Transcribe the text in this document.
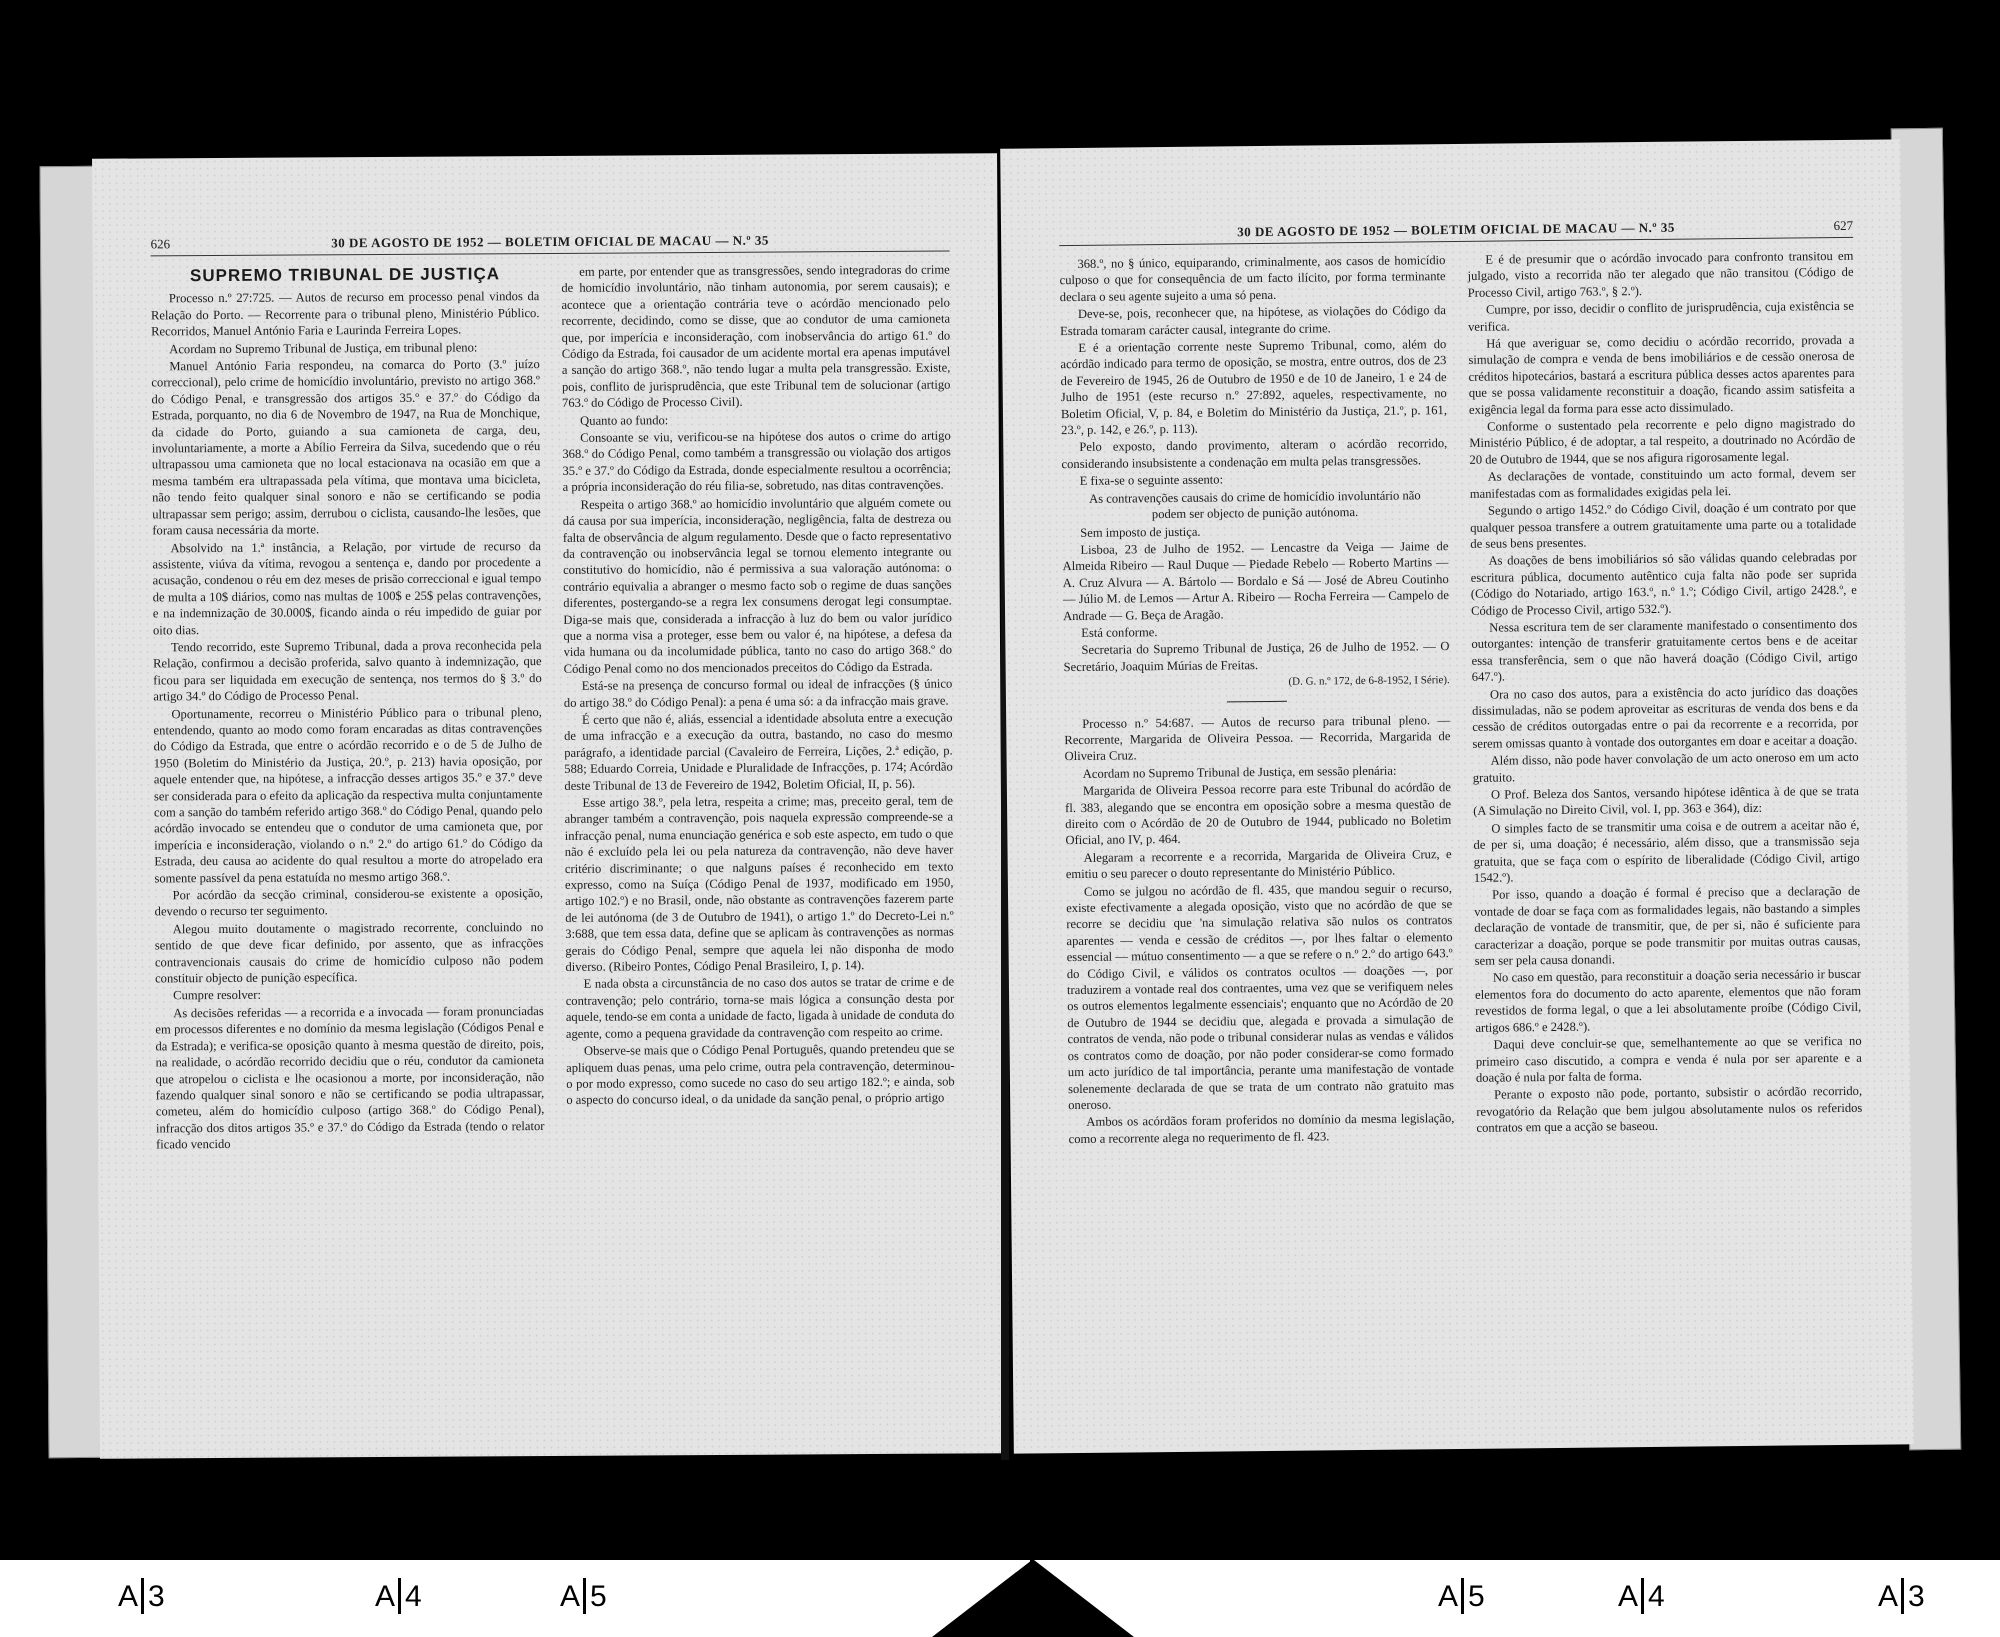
626	30 DE AGOSTO DE 1952 — BOLETIM OFICIAL DE MACAU — N.º 35

SUPREMO TRIBUNAL DE JUSTIÇA

Processo n.º 27:725. — Autos de recurso em processo penal vindos da Relação do Porto. — Recorrente para o tribunal pleno, Ministério Público. Recorridos, Manuel António Faria e Laurinda Ferreira Lopes.

Acordam no Supremo Tribunal de Justiça, em tribunal pleno:

Manuel António Faria respondeu, na comarca do Porto (3.º juízo correccional), pelo crime de homicídio involuntário, previsto no artigo 368.º do Código Penal, e transgressão dos artigos 35.º e 37.º do Código da Estrada, porquanto, no dia 6 de Novembro de 1947, na Rua de Monchique, da cidade do Porto, guiando a sua camioneta de carga, deu, involuntariamente, a morte a Abílio Ferreira da Silva, sucedendo que o réu ultrapassou uma camioneta que no local estacionava na ocasião em que a mesma também era ultrapassada pela vítima, que montava uma bicicleta, não tendo feito qualquer sinal sonoro e não se certificando se podia ultrapassar sem perigo; assim, derrubou o ciclista, causando-lhe lesões, que foram causa necessária da morte.

Absolvido na 1.ª instância, a Relação, por virtude de recurso da assistente, viúva da vítima, revogou a sentença e, dando por procedente a acusação, condenou o réu em dez meses de prisão correccional e igual tempo de multa a 10$ diários, como nas multas de 100$ e 25$ pelas contravenções, e na indemnização de 30.000$, ficando ainda o réu impedido de guiar por oito dias.

Tendo recorrido, este Supremo Tribunal, dada a prova reconhecida pela Relação, confirmou a decisão proferida, salvo quanto à indemnização, que ficou para ser liquidada em execução de sentença, nos termos do § 3.º do artigo 34.º do Código de Processo Penal.

Oportunamente, recorreu o Ministério Público para o tribunal pleno, entendendo, quanto ao modo como foram encaradas as ditas contravenções do Código da Estrada, que entre o acórdão recorrido e o de 5 de Julho de 1950 (Boletim do Ministério da Justiça, 20.º, p. 213) havia oposição, por aquele entender que, na hipótese, a infracção desses artigos 35.º e 37.º deve ser considerada para o efeito da aplicação da respectiva multa conjuntamente com a sanção do também referido artigo 368.º do Código Penal, quando pelo acórdão invocado se entendeu que o condutor de uma camioneta que, por imperícia e inconsideração, violando o n.º 2.º do artigo 61.º do Código da Estrada, deu causa ao acidente do qual resultou a morte do atropelado era somente passível da pena estatuída no mesmo artigo 368.º.

Por acórdão da secção criminal, considerou-se existente a oposição, devendo o recurso ter seguimento.

Alegou muito doutamente o magistrado recorrente, concluindo no sentido de que deve ficar definido, por assento, que as infracções contravencionais causais do crime de homicídio culposo não podem constituir objecto de punição específica.

Cumpre resolver:

As decisões referidas — a recorrida e a invocada — foram pronunciadas em processos diferentes e no domínio da mesma legislação (Códigos Penal e da Estrada); e verifica-se oposição quanto à mesma questão de direito, pois, na realidade, o acórdão recorrido decidiu que o réu, condutor da camioneta que atropelou o ciclista e lhe ocasionou a morte, por inconsideração, não fazendo qualquer sinal sonoro e não se certificando se podia ultrapassar, cometeu, além do homicídio culposo (artigo 368.º do Código Penal), infracção dos ditos artigos 35.º e 37.º do Código da Estrada (tendo o relator ficado vencido

em parte, por entender que as transgressões, sendo integradoras do crime de homicídio involuntário, não tinham autonomia, por serem causais); e acontece que a orientação contrária teve o acórdão mencionado pelo recorrente, decidindo, como se disse, que ao condutor de uma camioneta que, por imperícia e inconsideração, com inobservância do artigo 61.º do Código da Estrada, foi causador de um acidente mortal era apenas imputável a sanção do artigo 368.º, não tendo lugar a multa pela transgressão. Existe, pois, conflito de jurisprudência, que este Tribunal tem de solucionar (artigo 763.º do Código de Processo Civil).

Quanto ao fundo:

Consoante se viu, verificou-se na hipótese dos autos o crime do artigo 368.º do Código Penal, como também a transgressão ou violação dos artigos 35.º e 37.º do Código da Estrada, donde especialmente resultou a ocorrência; a própria inconsideração do réu filia-se, sobretudo, nas ditas contravenções.

Respeita o artigo 368.º ao homicídio involuntário que alguém comete ou dá causa por sua imperícia, inconsideração, negligência, falta de destreza ou falta de observância de algum regulamento. Desde que o facto representativo da contravenção ou inobservância legal se tornou elemento integrante ou constitutivo do homicídio, não é permissiva a sua valoração autónoma: o contrário equivalia a abranger o mesmo facto sob o regime de duas sanções diferentes, postergando-se a regra lex consumens derogat legi consumptae. Diga-se mais que, considerada a infracção à luz do bem ou valor jurídico que a norma visa a proteger, esse bem ou valor é, na hipótese, a defesa da vida humana ou da incolumidade pública, tanto no caso do artigo 368.º do Código Penal como no dos mencionados preceitos do Código da Estrada.

Está-se na presença de concurso formal ou ideal de infracções (§ único do artigo 38.º do Código Penal): a pena é uma só: a da infracção mais grave.

É certo que não é, aliás, essencial a identidade absoluta entre a execução de uma infracção e a execução da outra, bastando, no caso do mesmo parágrafo, a identidade parcial (Cavaleiro de Ferreira, Lições, 2.ª edição, p. 588; Eduardo Correia, Unidade e Pluralidade de Infracções, p. 174; Acórdão deste Tribunal de 13 de Fevereiro de 1942, Boletim Oficial, II, p. 56).

Esse artigo 38.º, pela letra, respeita a crime; mas, preceito geral, tem de abranger também a contravenção, pois naquela expressão compreende-se a infracção penal, numa enunciação genérica e sob este aspecto, em tudo o que não é excluído pela lei ou pela natureza da contravenção, não deve haver critério discriminante; o que nalguns países é reconhecido em texto expresso, como na Suíça (Código Penal de 1937, modificado em 1950, artigo 102.º) e no Brasil, onde, não obstante as contravenções fazerem parte de lei autónoma (de 3 de Outubro de 1941), o artigo 1.º do Decreto-Lei n.º 3:688, que tem essa data, define que se aplicam às contravenções as normas gerais do Código Penal, sempre que aquela lei não disponha de modo diverso. (Ribeiro Pontes, Código Penal Brasileiro, I, p. 14).

E nada obsta a circunstância de no caso dos autos se tratar de crime e de contravenção; pelo contrário, torna-se mais lógica a consunção desta por aquele, tendo-se em conta a unidade de facto, ligada à unidade de conduta do agente, como a pequena gravidade da contravenção com respeito ao crime.

Observe-se mais que o Código Penal Português, quando pretendeu que se apliquem duas penas, uma pelo crime, outra pela contravenção, determinou-o por modo expresso, como sucede no caso do seu artigo 182.º; e ainda, sob o aspecto do concurso ideal, o da unidade da sanção penal, o próprio artigo

30 DE AGOSTO DE 1952 — BOLETIM OFICIAL DE MACAU — N.º 35	627

368.º, no § único, equiparando, criminalmente, aos casos de homicídio culposo o que for consequência de um facto ilícito, por forma terminante declara o seu agente sujeito a uma só pena.

Deve-se, pois, reconhecer que, na hipótese, as violações do Código da Estrada tomaram carácter causal, integrante do crime.

E é a orientação corrente neste Supremo Tribunal, como, além do acórdão indicado para termo de oposição, se mostra, entre outros, dos de 23 de Fevereiro de 1945, 26 de Outubro de 1950 e de 10 de Janeiro, 1 e 24 de Julho de 1951 (este recurso n.º 27:892, aqueles, respectivamente, no Boletim Oficial, V, p. 84, e Boletim do Ministério da Justiça, 21.º, p. 161, 23.º, p. 142, e 26.º, p. 113).

Pelo exposto, dando provimento, alteram o acórdão recorrido, considerando insubsistente a condenação em multa pelas transgressões.

E fixa-se o seguinte assento:

As contravenções causais do crime de homicídio involuntário não podem ser objecto de punição autónoma.

Sem imposto de justiça.

Lisboa, 23 de Julho de 1952. — Lencastre da Veiga — Jaime de Almeida Ribeiro — Raul Duque — Piedade Rebelo — Roberto Martins — A. Cruz Alvura — A. Bártolo — Bordalo e Sá — José de Abreu Coutinho — Júlio M. de Lemos — Artur A. Ribeiro — Rocha Ferreira — Campelo de Andrade — G. Beça de Aragão.

Está conforme.

Secretaria do Supremo Tribunal de Justiça, 26 de Julho de 1952. — O Secretário, Joaquim Múrias de Freitas.

(D. G. n.º 172, de 6-8-1952, I Série).

Processo n.º 54:687. — Autos de recurso para tribunal pleno. — Recorrente, Margarida de Oliveira Pessoa. — Recorrida, Margarida de Oliveira Cruz.

Acordam no Supremo Tribunal de Justiça, em sessão plenária:

Margarida de Oliveira Pessoa recorre para este Tribunal do acórdão de fl. 383, alegando que se encontra em oposição sobre a mesma questão de direito com o Acórdão de 20 de Outubro de 1944, publicado no Boletim Oficial, ano IV, p. 464.

Alegaram a recorrente e a recorrida, Margarida de Oliveira Cruz, e emitiu o seu parecer o douto representante do Ministério Público.

Como se julgou no acórdão de fl. 435, que mandou seguir o recurso, existe efectivamente a alegada oposição, visto que no acórdão de que se recorre se decidiu que 'na simulação relativa são nulos os contratos aparentes — venda e cessão de créditos —, por lhes faltar o elemento essencial — mútuo consentimento — a que se refere o n.º 2.º do artigo 643.º do Código Civil, e válidos os contratos ocultos — doações —, por traduzirem a vontade real dos contraentes, uma vez que se verifiquem neles os outros elementos legalmente essenciais'; enquanto que no Acórdão de 20 de Outubro de 1944 se decidiu que, alegada e provada a simulação de contratos de venda, não pode o tribunal considerar nulas as vendas e válidos os contratos como de doação, por não poder considerar-se como formado um acto jurídico de tal importância, perante uma manifestação de vontade solenemente declarada de que se trata de um contrato não gratuito mas oneroso.

Ambos os acórdãos foram proferidos no domínio da mesma legislação, como a recorrente alega no requerimento de fl. 423.

E é de presumir que o acórdão invocado para confronto transitou em julgado, visto a recorrida não ter alegado que não transitou (Código de Processo Civil, artigo 763.º, § 2.º).

Cumpre, por isso, decidir o conflito de jurisprudência, cuja existência se verifica.

Há que averiguar se, como decidiu o acórdão recorrido, provada a simulação de compra e venda de bens imobiliários e de cessão onerosa de créditos hipotecários, bastará a escritura pública desses actos aparentes para que se possa validamente reconstituir a doação, ficando assim satisfeita a exigência legal da forma para esse acto dissimulado.

Conforme o sustentado pela recorrente e pelo digno magistrado do Ministério Público, é de adoptar, a tal respeito, a doutrinado no Acórdão de 20 de Outubro de 1944, que se nos afigura rigorosamente legal.

As declarações de vontade, constituindo um acto formal, devem ser manifestadas com as formalidades exigidas pela lei.

Segundo o artigo 1452.º do Código Civil, doação é um contrato por que qualquer pessoa transfere a outrem gratuitamente uma parte ou a totalidade de seus bens presentes.

As doações de bens imobiliários só são válidas quando celebradas por escritura pública, documento autêntico cuja falta não pode ser suprida (Código do Notariado, artigo 163.º, n.º 1.º; Código Civil, artigo 2428.º, e Código de Processo Civil, artigo 532.º).

Nessa escritura tem de ser claramente manifestado o consentimento dos outorgantes: intenção de transferir gratuitamente certos bens e de aceitar essa transferência, sem o que não haverá doação (Código Civil, artigo 647.º).

Ora no caso dos autos, para a existência do acto jurídico das doações dissimuladas, não se podem aproveitar as escrituras de venda dos bens e da cessão de créditos outorgadas entre o pai da recorrente e a recorrida, por serem omissas quanto à vontade dos outorgantes em doar e aceitar a doação.

Além disso, não pode haver convolação de um acto oneroso em um acto gratuito.

O Prof. Beleza dos Santos, versando hipótese idêntica à de que se trata (A Simulação no Direito Civil, vol. I, pp. 363 e 364), diz:

O simples facto de se transmitir uma coisa e de outrem a aceitar não é, de per si, uma doação; é necessário, além disso, que a transmissão seja gratuita, que se faça com o espírito de liberalidade (Código Civil, artigo 1542.º).

Por isso, quando a doação é formal é preciso que a declaração de vontade de doar se faça com as formalidades legais, não bastando a simples declaração de vontade de transmitir, que, de per si, não é suficiente para caracterizar a doação, porque se pode transmitir por muitas outras causas, sem ser pela causa donandi.

No caso em questão, para reconstituir a doação seria necessário ir buscar elementos fora do documento do acto aparente, elementos que não foram revestidos de forma legal, o que a lei absolutamente proíbe (Código Civil, artigos 686.º e 2428.º).

Daqui deve concluir-se que, semelhantemente ao que se verifica no primeiro caso discutido, a compra e venda é nula por ser aparente e a doação é nula por falta de forma.

Perante o exposto não pode, portanto, subsistir o acórdão recorrido, revogatório da Relação que bem julgou absolutamente nulos os referidos contratos em que a acção se baseou.

A 3	A 4	A 5	A 5	A 4	A 3
